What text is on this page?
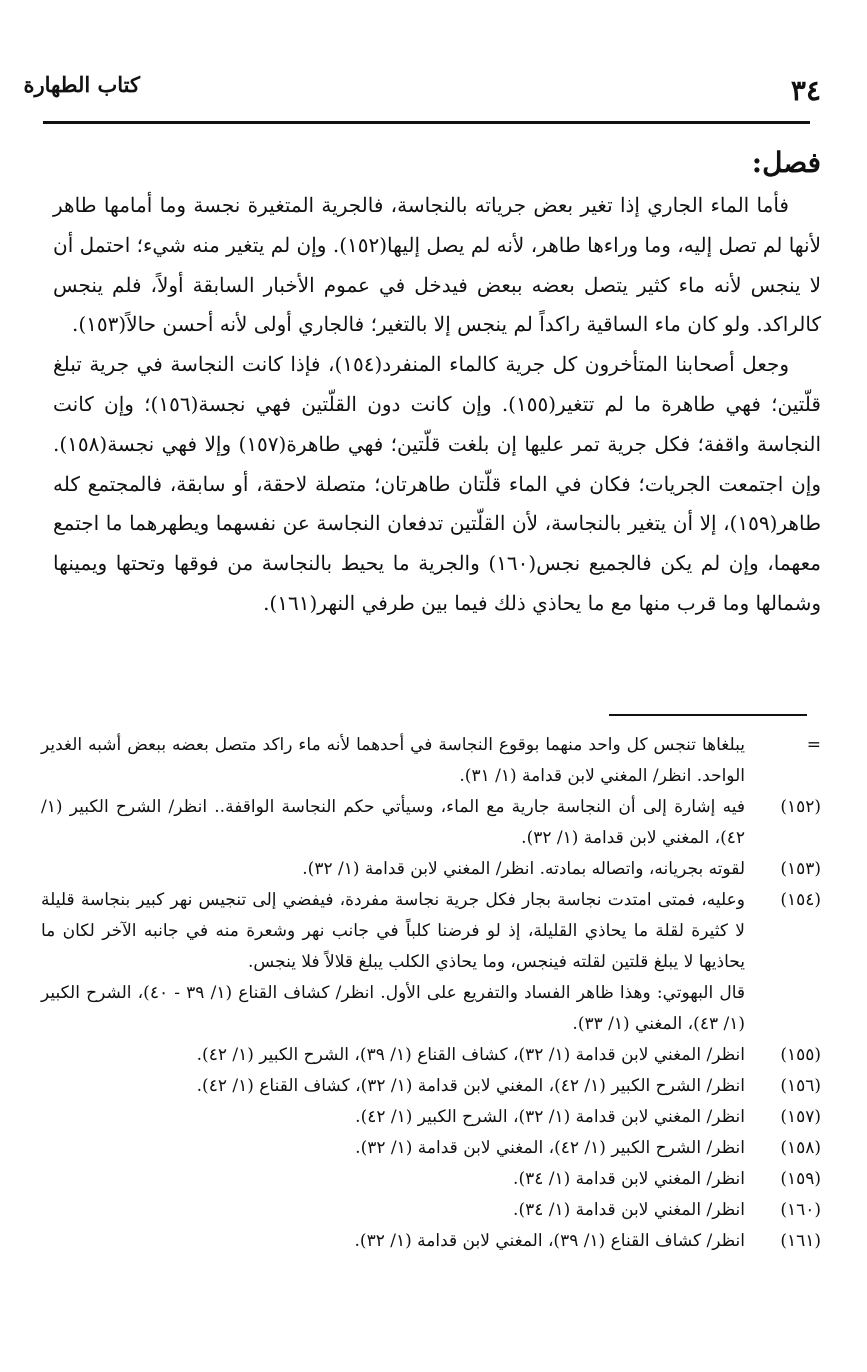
٣٤
كتاب الطهارة
فصل:

فأما الماء الجاري إذا تغير بعض جرياته بالنجاسة، فالجرية المتغيرة نجسة وما أمامها طاهر لأنها لم تصل إليه، وما وراءها طاهر، لأنه لم يصل إليها(١٥٢). وإن لم يتغير منه شيء؛ احتمل أن لا ينجس لأنه ماء كثير يتصل بعضه ببعض فيدخل في عموم الأخبار السابقة أولاً، فلم ينجس كالراكد. ولو كان ماء الساقية راكداً لم ينجس إلا بالتغير؛ فالجاري أولى لأنه أحسن حالاً(١٥٣).

وجعل أصحابنا المتأخرون كل جرية كالماء المنفرد(١٥٤)، فإذا كانت النجاسة في جرية تبلغ قلّتين؛ فهي طاهرة ما لم تتغير(١٥٥). وإن كانت دون القلّتين فهي نجسة(١٥٦)؛ وإن كانت النجاسة واقفة؛ فكل جرية تمر عليها إن بلغت قلّتين؛ فهي طاهرة(١٥٧) وإلا فهي نجسة(١٥٨). وإن اجتمعت الجريات؛ فكان في الماء قلّتان طاهرتان؛ متصلة لاحقة، أو سابقة، فالمجتمع كله طاهر(١٥٩)، إلا أن يتغير بالنجاسة، لأن القلّتين تدفعان النجاسة عن نفسهما ويطهرهما ما اجتمع معهما، وإن لم يكن فالجميع نجس(١٦٠) والجرية ما يحيط بالنجاسة من فوقها وتحتها ويمينها وشمالها وما قرب منها مع ما يحاذي ذلك فيما بين طرفي النهر(١٦١).

=

يبلغاها تنجس كل واحد منهما بوقوع النجاسة في أحدهما لأنه ماء راكد متصل بعضه ببعض أشبه الغدير الواحد. انظر/ المغني لابن قدامة (١/ ٣١).

(١٥٢)

فيه إشارة إلى أن النجاسة جارية مع الماء، وسيأتي حكم النجاسة الواقفة.. انظر/ الشرح الكبير (١/ ٤٢)، المغني لابن قدامة (١/ ٣٢).

(١٥٣)

لقوته بجريانه، واتصاله بمادته. انظر/ المغني لابن قدامة (١/ ٣٢).

(١٥٤)

وعليه، فمتى امتدت نجاسة بجار فكل جرية نجاسة مفردة، فيفضي إلى تنجيس نهر كبير بنجاسة قليلة لا كثيرة لقلة ما يحاذي القليلة، إذ لو فرضنا كلباً في جانب نهر وشعرة منه في جانبه الآخر لكان ما يحاذيها لا يبلغ قلتين لقلته فينجس، وما يحاذي الكلب يبلغ قلالاً فلا ينجس.

قال البهوتي: وهذا ظاهر الفساد والتفريع على الأول. انظر/ كشاف القناع (١/ ٣٩ - ٤٠)، الشرح الكبير (١/ ٤٣)، المغني (١/ ٣٣).

(١٥٥)

انظر/ المغني لابن قدامة (١/ ٣٢)، كشاف القناع (١/ ٣٩)، الشرح الكبير (١/ ٤٢).

(١٥٦)

انظر/ الشرح الكبير (١/ ٤٢)، المغني لابن قدامة (١/ ٣٢)، كشاف القناع (١/ ٤٢).

(١٥٧)

انظر/ المغني لابن قدامة (١/ ٣٢)، الشرح الكبير (١/ ٤٢).

(١٥٨)

انظر/ الشرح الكبير (١/ ٤٢)، المغني لابن قدامة (١/ ٣٢).

(١٥٩)

انظر/ المغني لابن قدامة (١/ ٣٤).

(١٦٠)

انظر/ المغني لابن قدامة (١/ ٣٤).

(١٦١)

انظر/ كشاف القناع (١/ ٣٩)، المغني لابن قدامة (١/ ٣٢).
